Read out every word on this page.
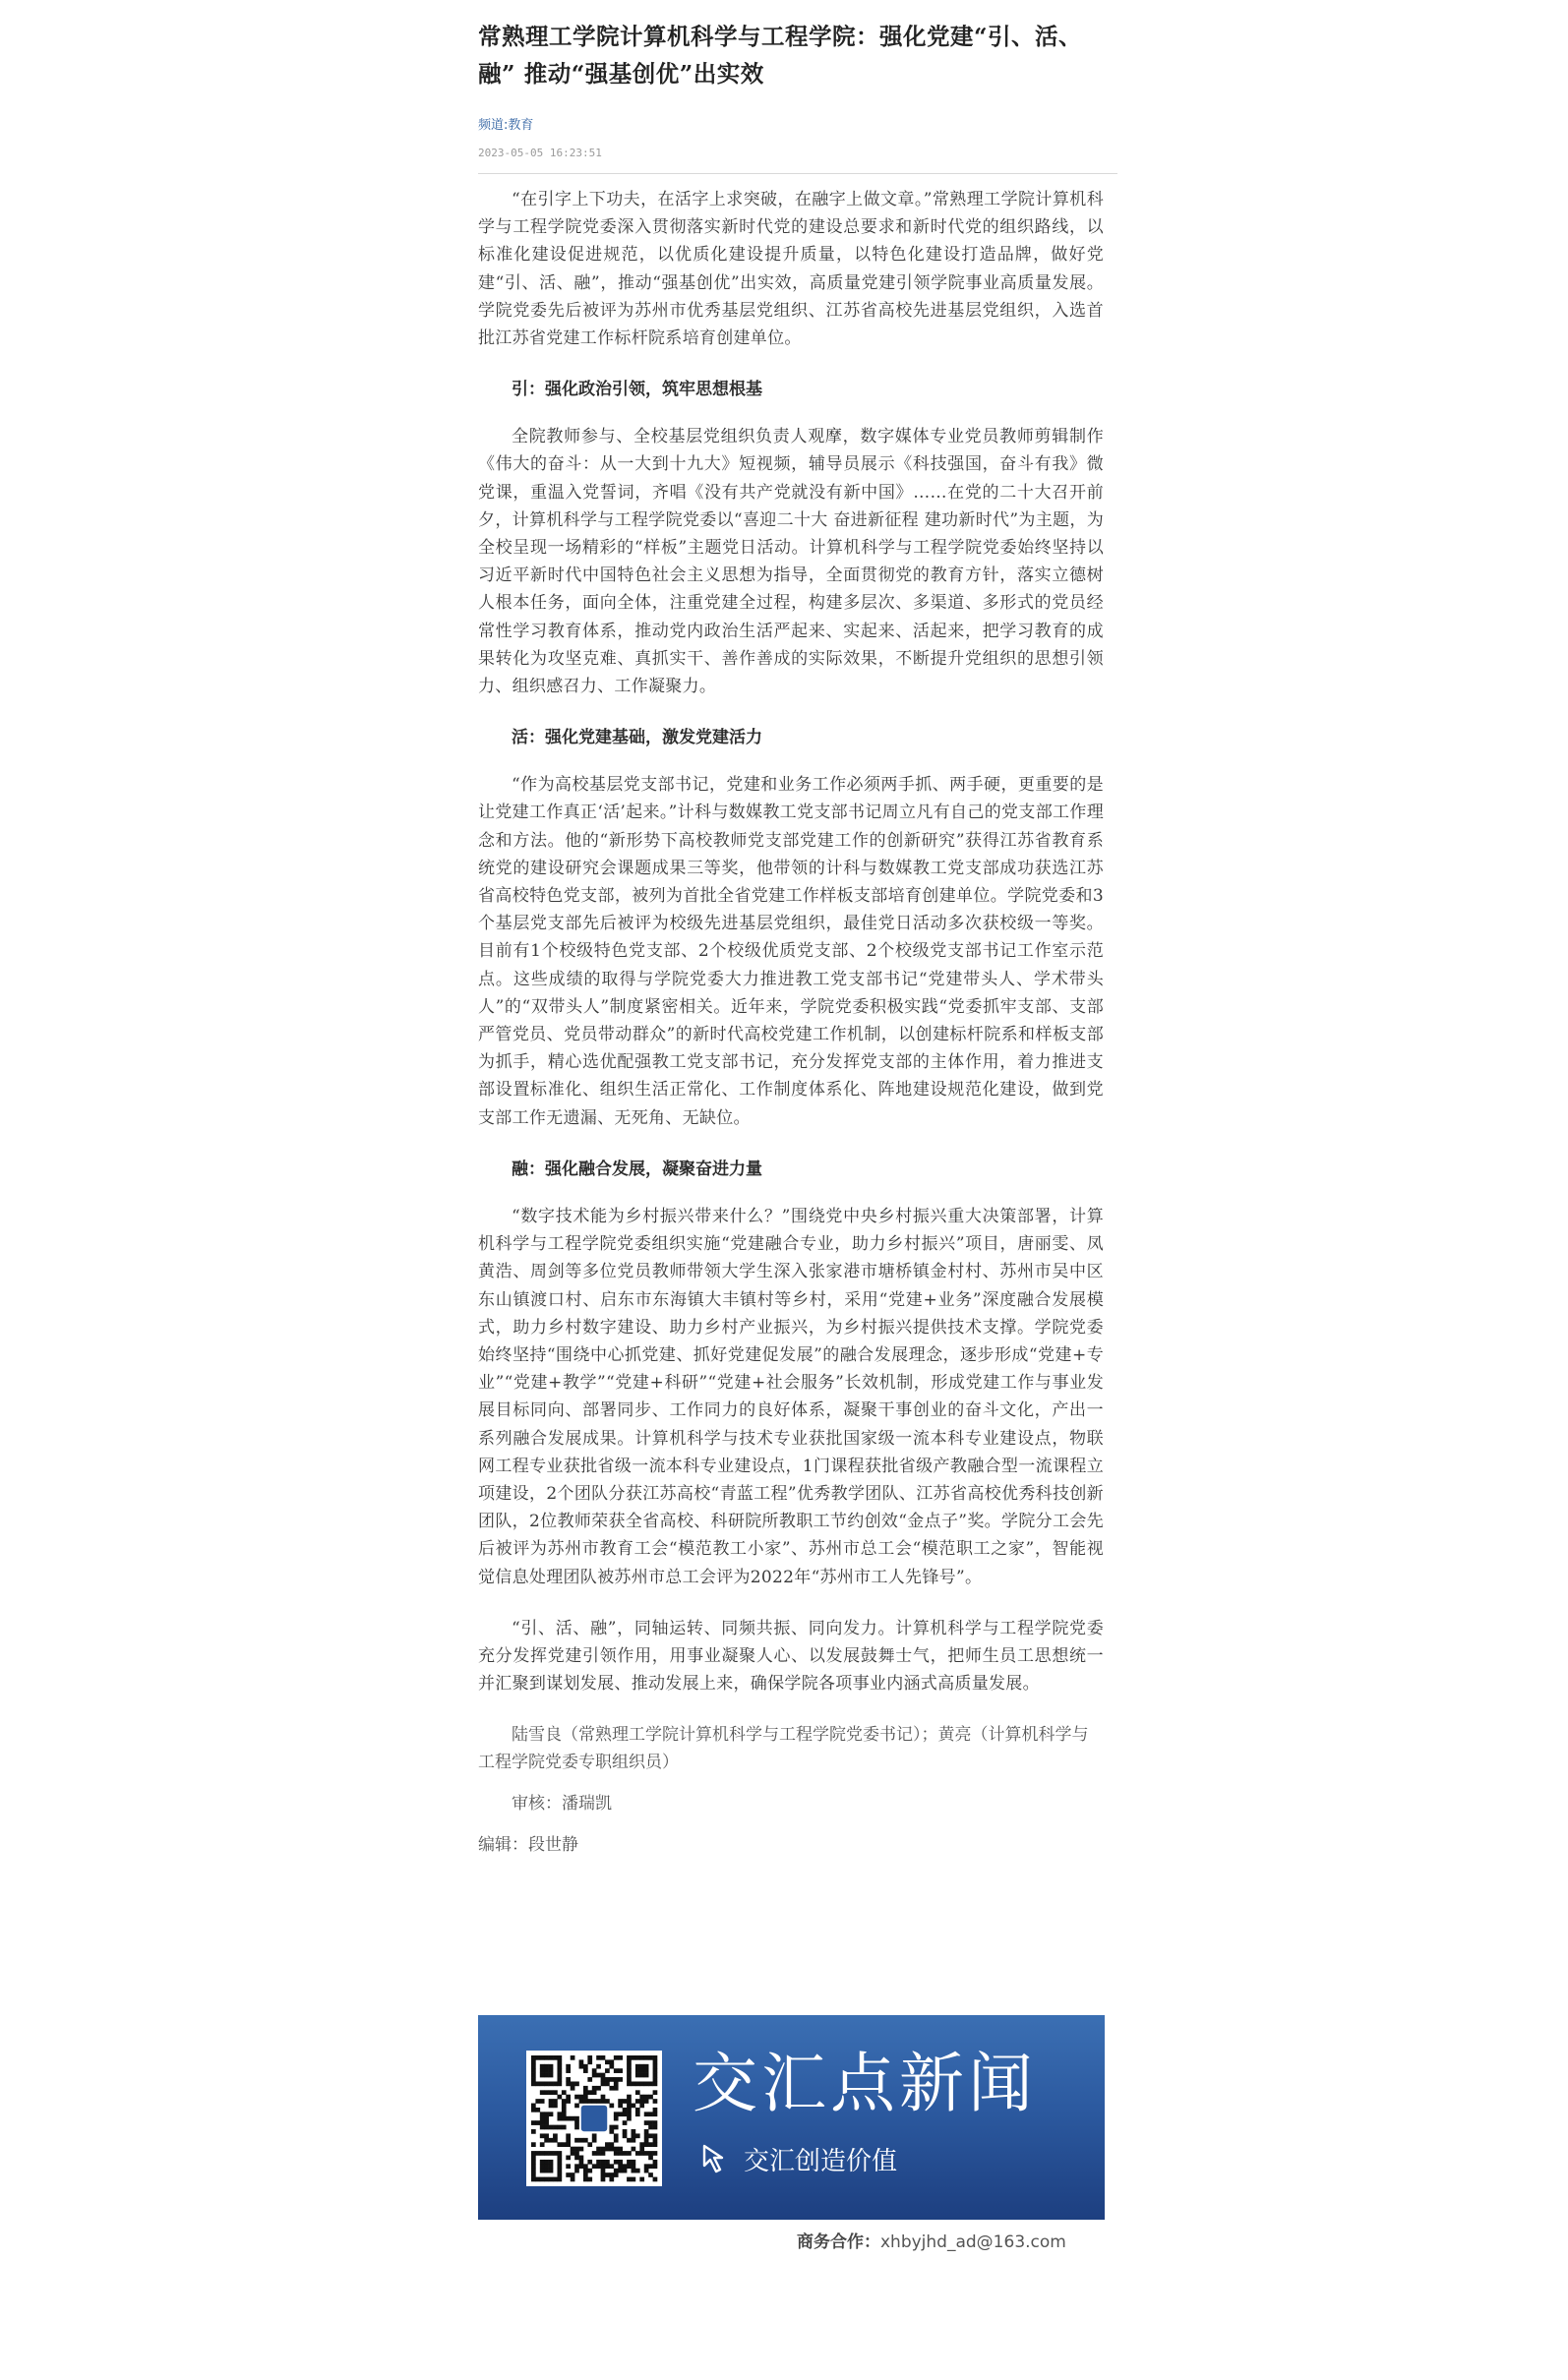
常熟理工学院计算机科学与工程学院：强化党建“引、活、融” 推动“强基创优”出实效
频道:教育
2023-05-05 16:23:51

“在引字上下功夫，在活字上求突破，在融字上做文章。”常熟理工学院计算机科学与工程学院党委深入贯彻落实新时代党的建设总要求和新时代党的组织路线，以标准化建设促进规范，以优质化建设提升质量，以特色化建设打造品牌，做好党建“引、活、融”，推动“强基创优”出实效，高质量党建引领学院事业高质量发展。学院党委先后被评为苏州市优秀基层党组织、江苏省高校先进基层党组织，入选首批江苏省党建工作标杆院系培育创建单位。

引：强化政治引领，筑牢思想根基

全院教师参与、全校基层党组织负责人观摩，数字媒体专业党员教师剪辑制作《伟大的奋斗：从一大到十九大》短视频，辅导员展示《科技强国，奋斗有我》微党课，重温入党誓词，齐唱《没有共产党就没有新中国》……在党的二十大召开前夕，计算机科学与工程学院党委以“喜迎二十大 奋进新征程 建功新时代”为主题，为全校呈现一场精彩的“样板”主题党日活动。计算机科学与工程学院党委始终坚持以习近平新时代中国特色社会主义思想为指导，全面贯彻党的教育方针，落实立德树人根本任务，面向全体，注重党建全过程，构建多层次、多渠道、多形式的党员经常性学习教育体系，推动党内政治生活严起来、实起来、活起来，把学习教育的成果转化为攻坚克难、真抓实干、善作善成的实际效果，不断提升党组织的思想引领力、组织感召力、工作凝聚力。

活：强化党建基础，激发党建活力

“作为高校基层党支部书记，党建和业务工作必须两手抓、两手硬，更重要的是让党建工作真正‘活’起来。”计科与数媒教工党支部书记周立凡有自己的党支部工作理念和方法。他的“新形势下高校教师党支部党建工作的创新研究”获得江苏省教育系统党的建设研究会课题成果三等奖，他带领的计科与数媒教工党支部成功获选江苏省高校特色党支部，被列为首批全省党建工作样板支部培育创建单位。学院党委和3个基层党支部先后被评为校级先进基层党组织，最佳党日活动多次获校级一等奖。目前有1个校级特色党支部、2个校级优质党支部、2个校级党支部书记工作室示范点。这些成绩的取得与学院党委大力推进教工党支部书记“党建带头人、学术带头人”的“双带头人”制度紧密相关。近年来，学院党委积极实践“党委抓牢支部、支部严管党员、党员带动群众”的新时代高校党建工作机制，以创建标杆院系和样板支部为抓手，精心选优配强教工党支部书记，充分发挥党支部的主体作用，着力推进支部设置标准化、组织生活正常化、工作制度体系化、阵地建设规范化建设，做到党支部工作无遗漏、无死角、无缺位。

融：强化融合发展，凝聚奋进力量

“数字技术能为乡村振兴带来什么？”围绕党中央乡村振兴重大决策部署，计算机科学与工程学院党委组织实施“党建融合专业，助力乡村振兴”项目，唐丽雯、凤黄浩、周剑等多位党员教师带领大学生深入张家港市塘桥镇金村村、苏州市吴中区东山镇渡口村、启东市东海镇大丰镇村等乡村，采用“党建+业务”深度融合发展模式，助力乡村数字建设、助力乡村产业振兴，为乡村振兴提供技术支撑。学院党委始终坚持“围绕中心抓党建、抓好党建促发展”的融合发展理念，逐步形成“党建+专业”“党建+教学”“党建+科研”“党建+社会服务”长效机制，形成党建工作与事业发展目标同向、部署同步、工作同力的良好体系，凝聚干事创业的奋斗文化，产出一系列融合发展成果。计算机科学与技术专业获批国家级一流本科专业建设点，物联网工程专业获批省级一流本科专业建设点，1门课程获批省级产教融合型一流课程立项建设，2个团队分获江苏高校“青蓝工程”优秀教学团队、江苏省高校优秀科技创新团队，2位教师荣获全省高校、科研院所教职工节约创效“金点子”奖。学院分工会先后被评为苏州市教育工会“模范教工小家”、苏州市总工会“模范职工之家”，智能视觉信息处理团队被苏州市总工会评为2022年“苏州市工人先锋号”。

“引、活、融”，同轴运转、同频共振、同向发力。计算机科学与工程学院党委充分发挥党建引领作用，用事业凝聚人心、以发展鼓舞士气，把师生员工思想统一并汇聚到谋划发展、推动发展上来，确保学院各项事业内涵式高质量发展。

陆雪良（常熟理工学院计算机科学与工程学院党委书记）；黄亮（计算机科学与工程学院党委专职组织员）

审核：潘瑞凯

编辑：段世静

交汇点新闻
交汇创造价值
商务合作：xhbyjhd_ad@163.com
